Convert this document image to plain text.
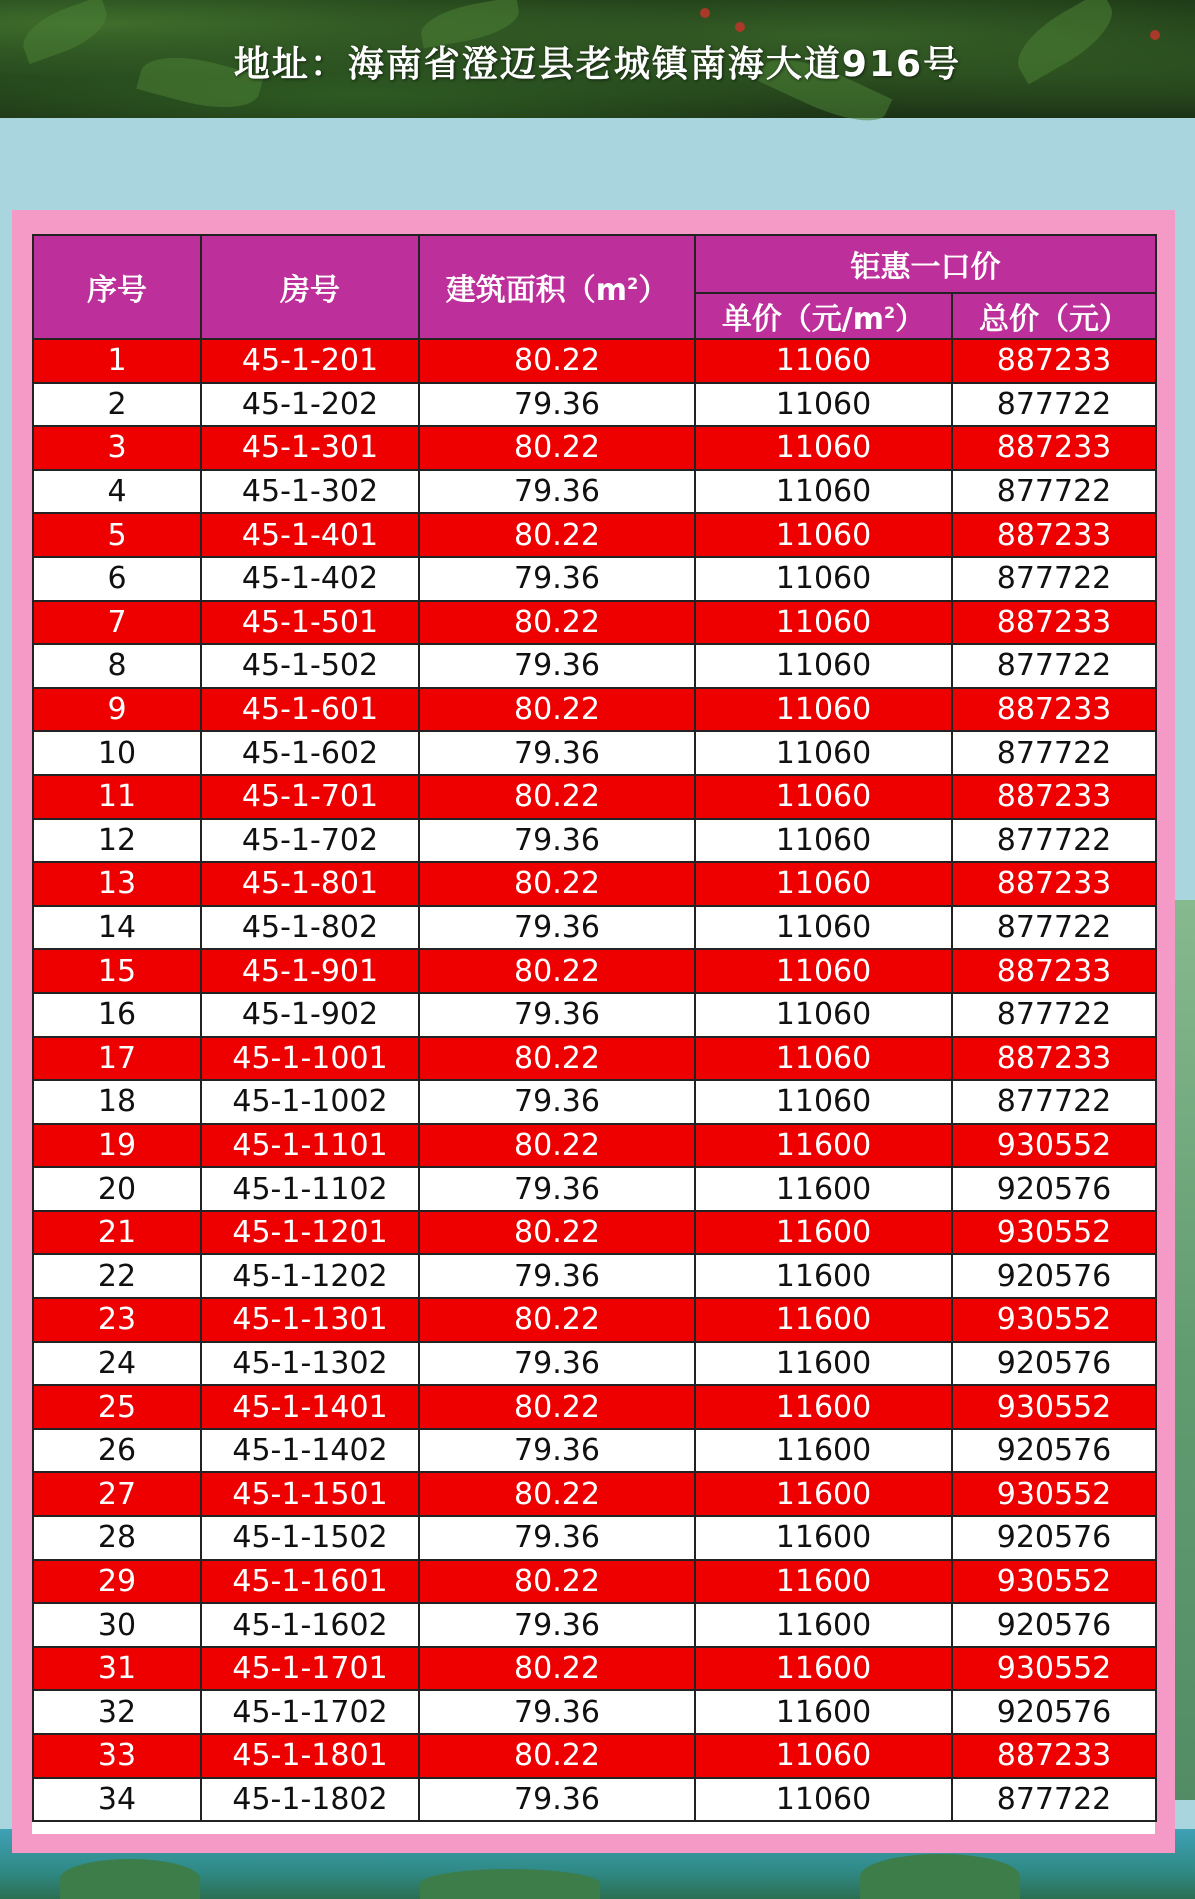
地址：海南省澄迈县老城镇南海大道916号
序号	房号	建筑面积$(m^2)$	钜惠一口价	
			单价（元$/m^2$）	总价（元）
1	45-1-201	80.22	11060	887233
2	45-1-202	79.36	11060	877722
3	45-1-301	80.22	11060	887233
4	45-1-302	79.36	11060	877722
5	45-1-401	80.22	11060	887233
6	45-1-402	79.36	11060	877722
7	45-1-501	80.22	11060	887233
8	45-1-502	79.36	11060	877722
9	45-1-601	80.22	11060	887233
10	45-1-602	79.36	11060	877722
11	45-1-701	80.22	11060	887233
12	45-1-702	79.36	11060	877722
13	45-1-801	80.22	11060	887233
14	45-1-802	79.36	11060	877722
15	45-1-901	80.22	11060	887233
16	45-1-902	79.36	11060	877722
17	45-1-1001	80.22	11060	887233
18	45-1-1002	79.36	11060	877722
19	45-1-1101	80.22	11600	930552
20	45-1-1102	79.36	11600	920576
21	45-1-1201	80.22	11600	930552
22	45-1-1202	79.36	11600	920576
23	45-1-1301	80.22	11600	930552
24	45-1-1302	79.36	11600	920576
25	45-1-1401	80.22	11600	930552
26	45-1-1402	79.36	11600	920576
27	45-1-1501	80.22	11600	930552
28	45-1-1502	79.36	11600	920576
29	45-1-1601	80.22	11600	930552
30	45-1-1602	79.36	11600	920576
31	45-1-1701	80.22	11600	930552
32	45-1-1702	79.36	11600	920576
33	45-1-1801	80.22	11060	887233
34	45-1-1802	79.36	11060	877722
